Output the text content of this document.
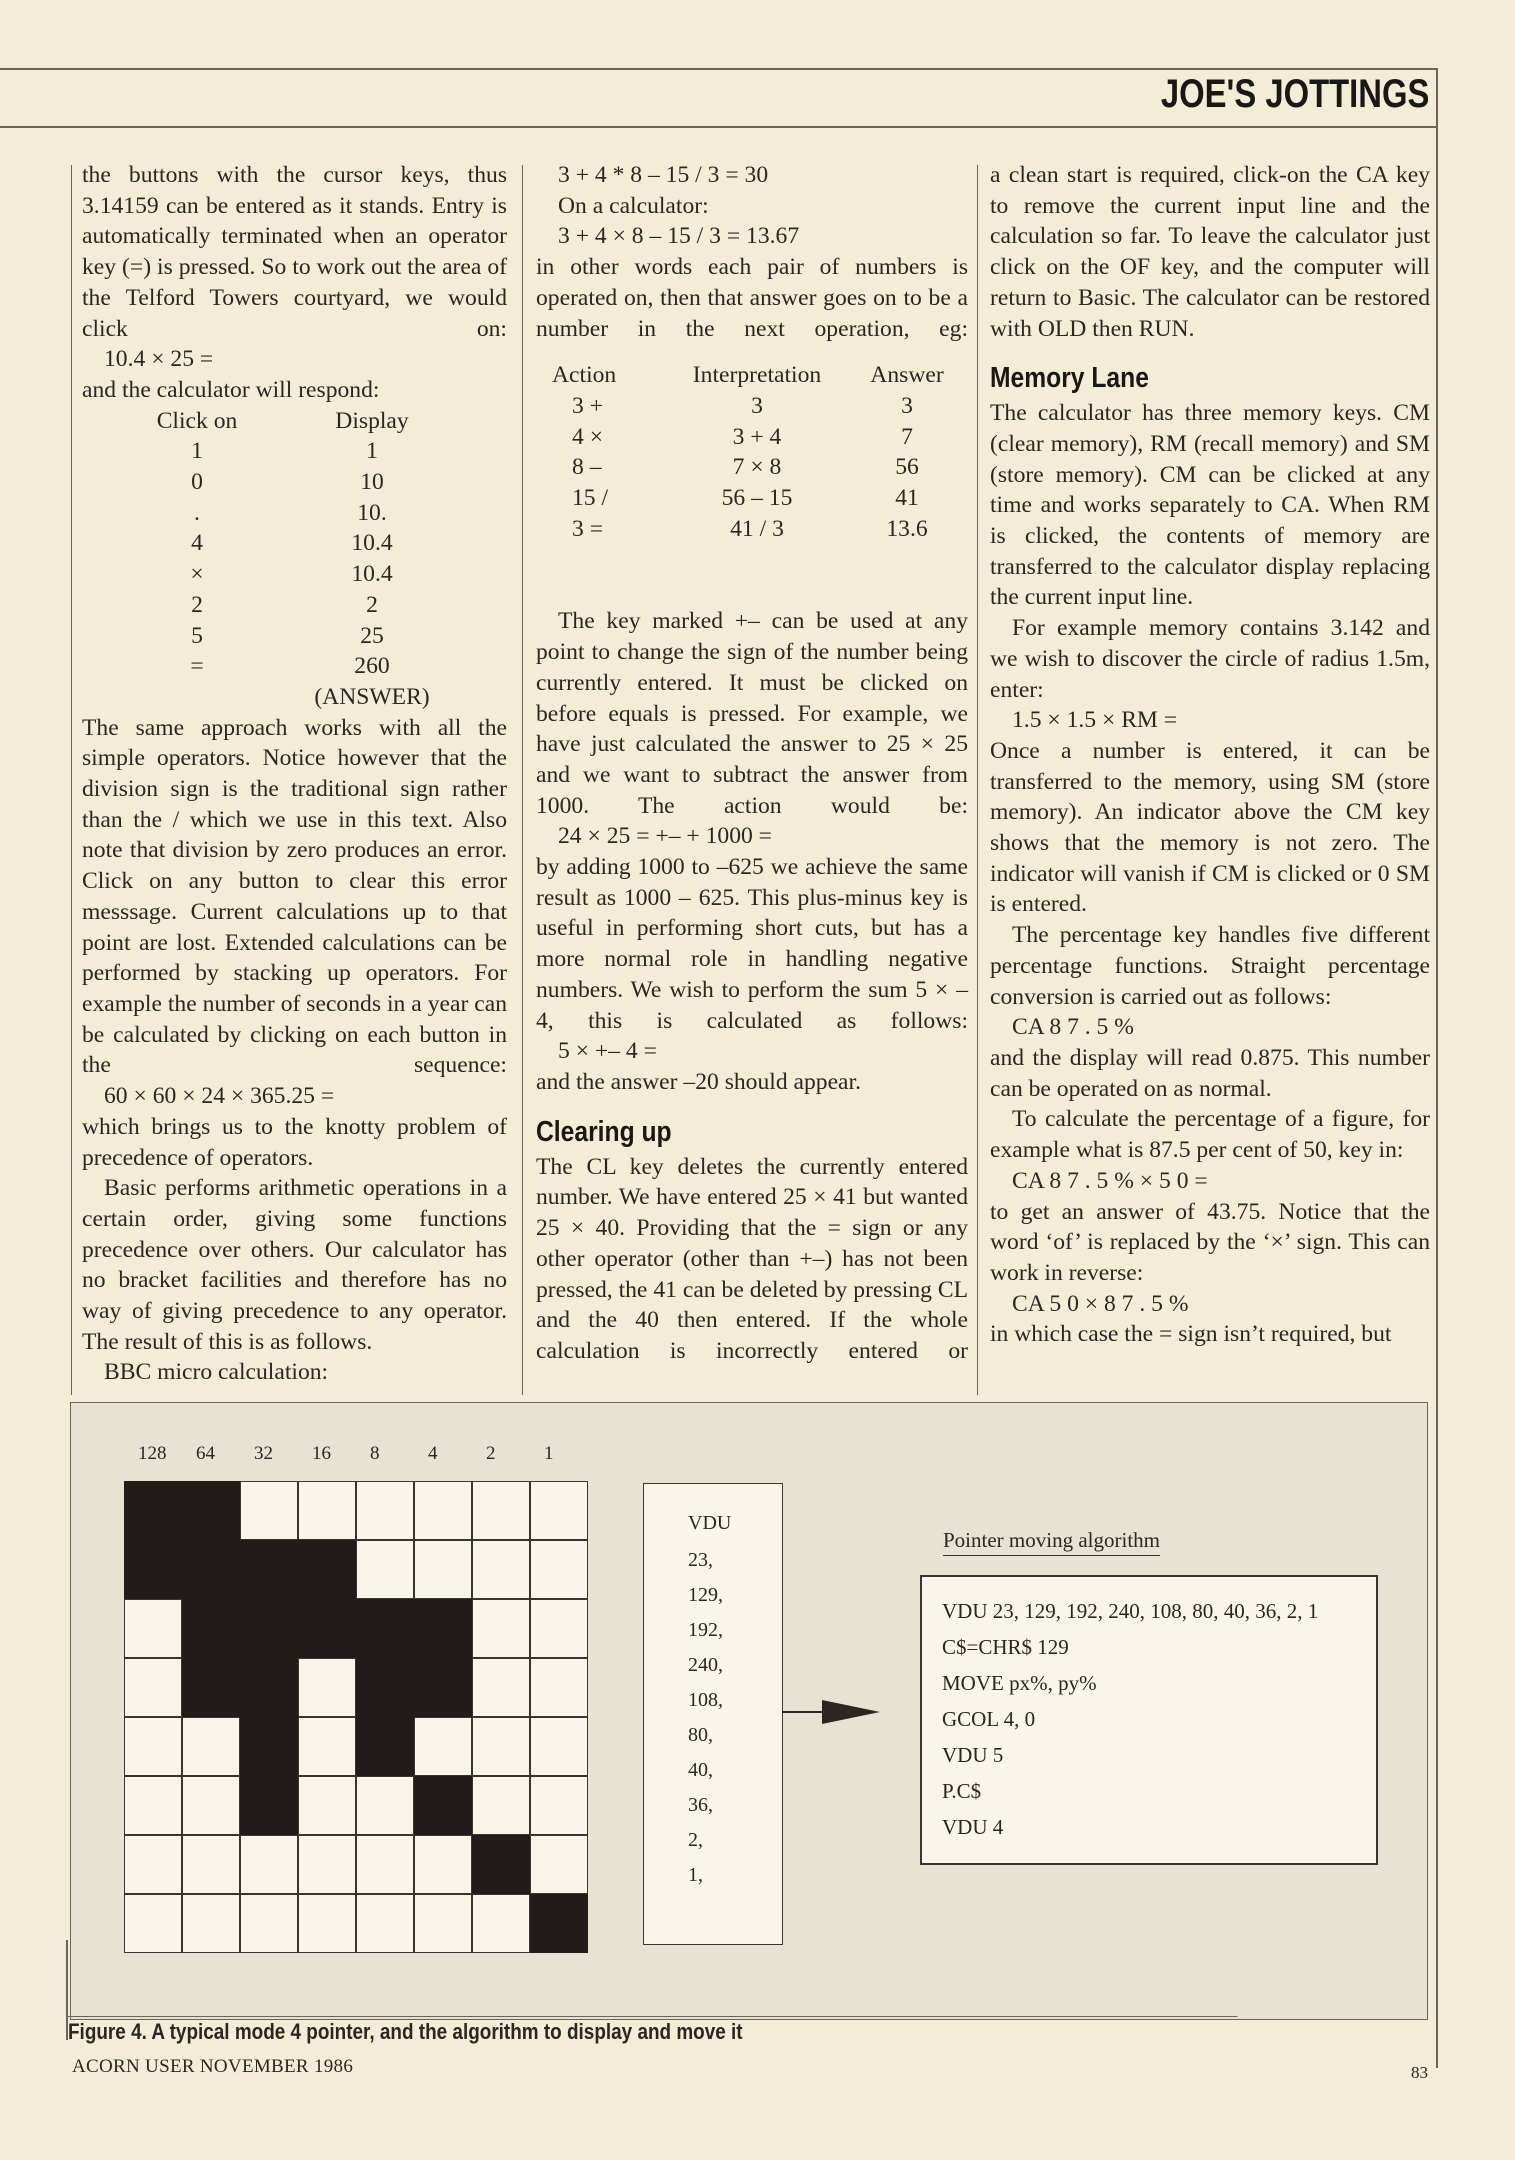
JOE'S JOTTINGS

the buttons with the cursor keys, thus 3.14159 can be entered as it stands. Entry is automatically terminated when an operator key (=) is pressed. So to work out the area of the Telford Towers courtyard, we would click on:

10.4 × 25 =

and the calculator will respond:

Click on	Display
1	1
0	10
.	10.
4	10.4
×	10.4
2	2
5	25
=	260
	(ANSWER)

The same approach works with all the simple operators. Notice however that the division sign is the traditional sign rather than the / which we use in this text. Also note that division by zero produces an error. Click on any button to clear this error messsage. Current calculations up to that point are lost. Extended calculations can be performed by stacking up operators. For example the number of seconds in a year can be calculated by clicking on each button in the sequence:

60 × 60 × 24 × 365.25 =

which brings us to the knotty problem of precedence of operators.

Basic performs arithmetic operations in a certain order, giving some functions precedence over others. Our calculator has no bracket facilities and therefore has no way of giving precedence to any operator. The result of this is as follows.

BBC micro calculation:

3 + 4 * 8 – 15 / 3 = 30

On a calculator:

3 + 4 × 8 – 15 / 3 = 13.67

in other words each pair of numbers is operated on, then that answer goes on to be a number in the next operation, eg:

Action	Interpretation	Answer
3 +	3	3
4 ×	3 + 4	7
8 –	7 × 8	56
15 /	56 – 15	41
3 =	41 / 3	13.6

The key marked +– can be used at any point to change the sign of the number being currently entered. It must be clicked on before equals is pressed. For example, we have just calculated the answer to 25 × 25 and we want to subtract the answer from 1000. The action would be:

24 × 25 = +– + 1000 =

by adding 1000 to –625 we achieve the same result as 1000 – 625. This plus-minus key is useful in performing short cuts, but has a more normal role in handling negative numbers. We wish to perform the sum 5 × –4, this is calculated as follows:

5 × +– 4 =

and the answer –20 should appear.

Clearing up

The CL key deletes the currently entered number. We have entered 25 × 41 but wanted 25 × 40. Providing that the = sign or any other operator (other than +–) has not been pressed, the 41 can be deleted by pressing CL and the 40 then entered. If the whole calculation is incorrectly entered or

a clean start is required, click-on the CA key to remove the current input line and the calculation so far. To leave the calculator just click on the OF key, and the computer will return to Basic. The calculator can be restored with OLD then RUN.

Memory Lane

The calculator has three memory keys. CM (clear memory), RM (recall memory) and SM (store memory). CM can be clicked at any time and works separately to CA. When RM is clicked, the contents of memory are transferred to the calculator display replacing the current input line.

For example memory contains 3.142 and we wish to discover the circle of radius 1.5m, enter:

1.5 × 1.5 × RM =

Once a number is entered, it can be transferred to the memory, using SM (store memory). An indicator above the CM key shows that the memory is not zero. The indicator will vanish if CM is clicked or 0 SM is entered.

The percentage key handles five different percentage functions. Straight percentage conversion is carried out as follows:

CA 8 7 . 5 %

and the display will read 0.875. This number can be operated on as normal.

To calculate the percentage of a figure, for example what is 87.5 per cent of 50, key in:

CA 8 7 . 5 % × 5 0 =

to get an answer of 43.75. Notice that the word ‘of’ is replaced by the ‘×’ sign. This can work in reverse:

CA 5 0 × 8 7 . 5 %

in which case the = sign isn’t required, but

128 64 32 16 8	4	2	1
VDU
23,
129,
192,
240,
108,
80,
40,
36,
2,
1,
Pointer moving algorithm
VDU 23, 129, 192, 240, 108, 80, 40, 36, 2, 1
C$=CHR$ 129
MOVE px%, py%
GCOL 4, 0
VDU 5
P.C$
VDU 4
Figure 4. A typical mode 4 pointer, and the algorithm to display and move it
ACORN USER NOVEMBER 1986	83
